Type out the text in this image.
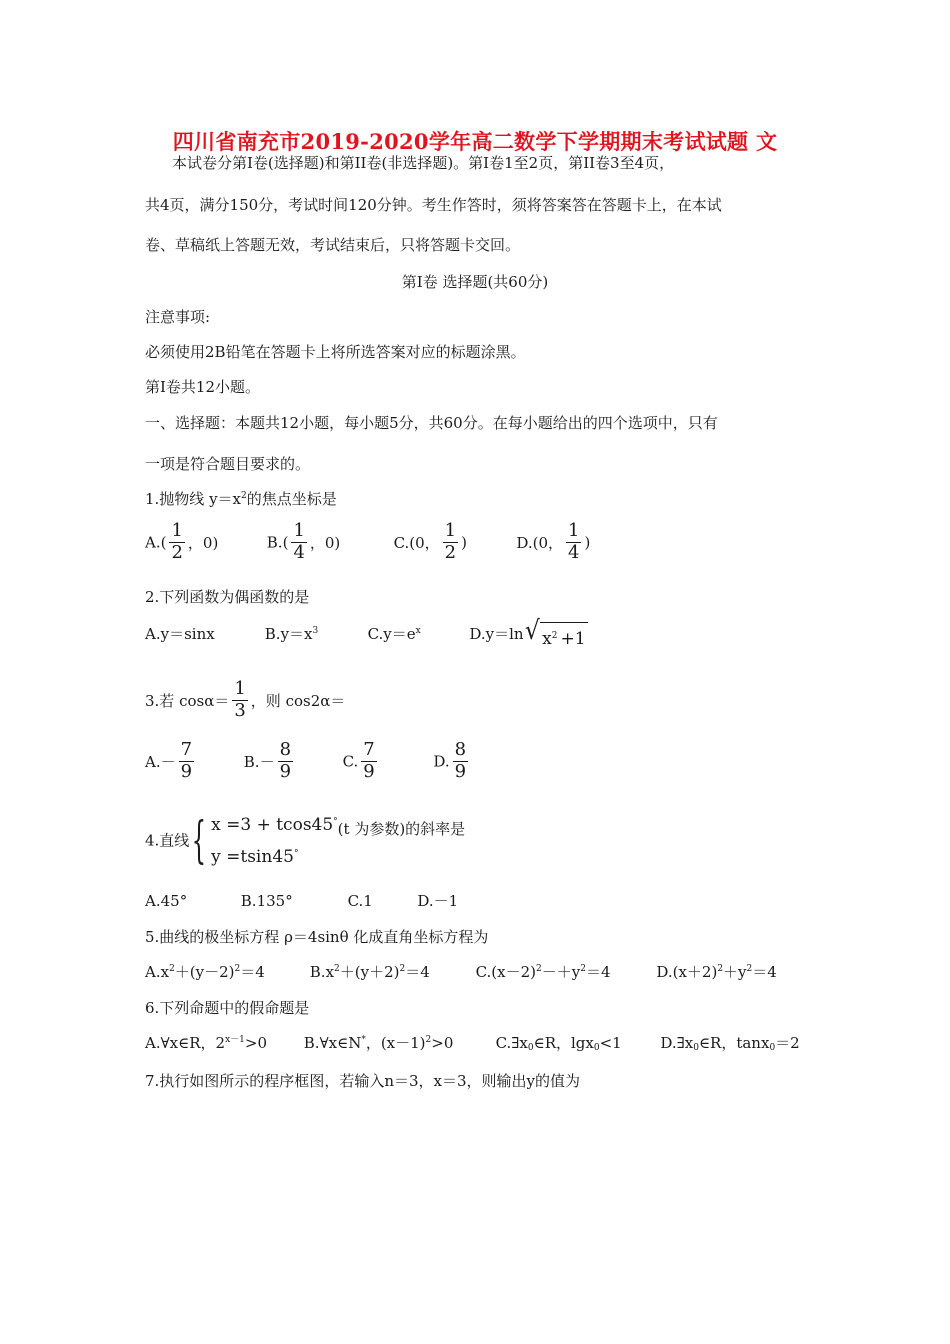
四川省南充市2019-2020学年高二数学下学期期末考试试题 文
本试卷分第Ⅰ卷(选择题)和第II卷(非选择题)。第Ⅰ卷1至2页，第II卷3至4页，
共4页，满分150分，考试时间120分钟。考生作答时，须将答案答在答题卡上，在本试
卷、草稿纸上答题无效，考试结束后，只将答题卡交回。
第Ⅰ卷 选择题(共60分)
注意事项:
必须使用2B铅笔在答题卡上将所选答案对应的标题涂黑。
第Ⅰ卷共12小题。
一、选择题：本题共12小题，每小题5分，共60分。在每小题给出的四个选项中，只有
一项是符合题目要求的。
1.抛物线 $y=x^2$的焦点坐标是
$A.( \frac{1}{2}$ ，0)	$B.( \frac{1}{4}$ ，0)	C.(0， $\frac{1}{2}$ )	D.(0， $\frac{1}{4}$ )
2.下列函数为偶函数的是
A.y＝sinx	$B.y=x^3$	$C.y=e^x$	D.y＝ln √ $x^2 +1$
3.若 $\cos\alpha= \frac{1}{3}$ ，则 cos2α＝
$A.- \frac{7}{9}$	$B.- \frac{8}{9}$	C. $\frac{7}{9}$	D. $\frac{8}{9}$
4.直线 { x =3 + tcos45°
y =tsin45°
(t 为参数)的斜率是
A.45°	B.135°	C.1	D.－1
5.曲线的极坐标方程 ρ＝4sinθ 化成直角坐标方程为
$A.x^2+(y-2)^2=4$	$B.x^2+(y+2)^2=4$	$C.(x-2)^2-+y^2=4$	$D.(x+2)^2+y^2=4$
6.下列命题中的假命题是
A.∀x∈R，$2^{x-1}>0$ B.∀x∈N*，$(x-1)^2>0$	$C.\exists x_0\in R$，lgx$_0$<1	$D.\exists x_0\in R$，tanx$_0$＝2
7.执行如图所示的程序框图，若输入n＝3，x＝3，则输出y的值为
